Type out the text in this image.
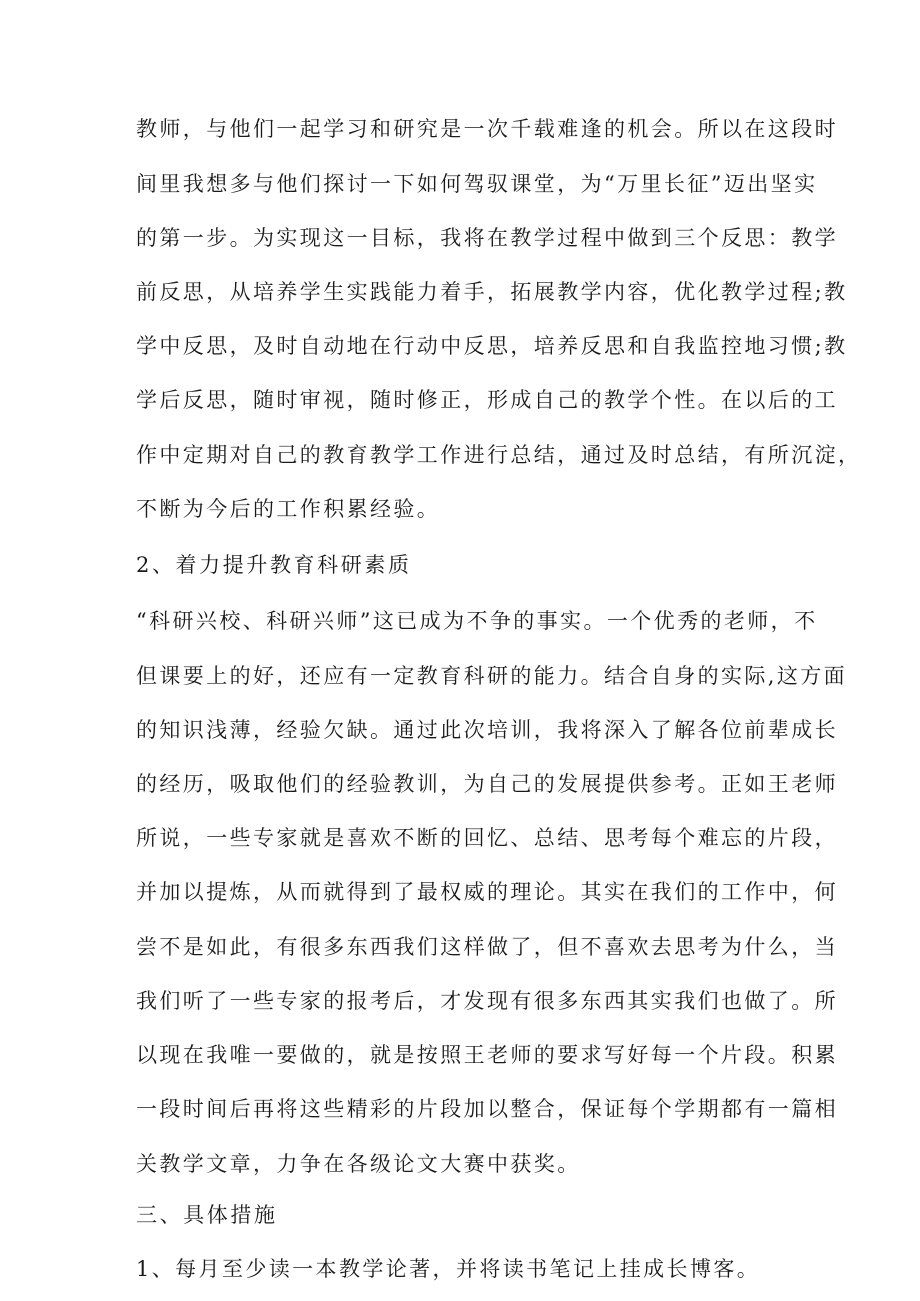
教师，与他们一起学习和研究是一次千载难逢的机会。所以在这段时
间里我想多与他们探讨一下如何驾驭课堂，为“万里长征”迈出坚实
的第一步。为实现这一目标，我将在教学过程中做到三个反思：教学
前反思，从培养学生实践能力着手，拓展教学内容，优化教学过程;教
学中反思，及时自动地在行动中反思，培养反思和自我监控地习惯;教
学后反思，随时审视，随时修正，形成自己的教学个性。在以后的工
作中定期对自己的教育教学工作进行总结，通过及时总结，有所沉淀，
不断为今后的工作积累经验。
2、着力提升教育科研素质
“科研兴校、科研兴师”这已成为不争的事实。一个优秀的老师，不
但课要上的好，还应有一定教育科研的能力。结合自身的实际,这方面
的知识浅薄，经验欠缺。通过此次培训，我将深入了解各位前辈成长
的经历，吸取他们的经验教训，为自己的发展提供参考。正如王老师
所说，一些专家就是喜欢不断的回忆、总结、思考每个难忘的片段，
并加以提炼，从而就得到了最权威的理论。其实在我们的工作中，何
尝不是如此，有很多东西我们这样做了，但不喜欢去思考为什么，当
我们听了一些专家的报考后，才发现有很多东西其实我们也做了。所
以现在我唯一要做的，就是按照王老师的要求写好每一个片段。积累
一段时间后再将这些精彩的片段加以整合，保证每个学期都有一篇相
关教学文章，力争在各级论文大赛中获奖。
三、具体措施
1、每月至少读一本教学论著，并将读书笔记上挂成长博客。
